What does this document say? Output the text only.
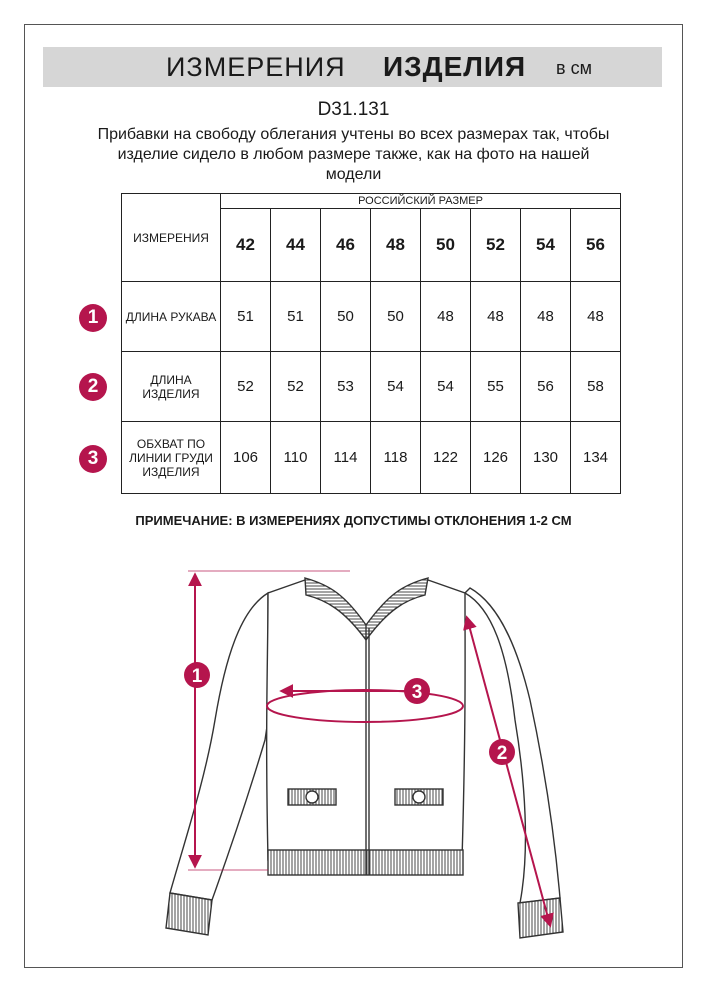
ИЗМЕРЕНИЯ ИЗДЕЛИЯ в см
D31.131
Прибавки на свободу облегания учтены во всех размерах так, чтобы изделие сидело в любом размере также, как на фото на нашей модели
ИЗМЕРЕНИЯ	РОССИЙСКИЙ РАЗМЕР							
	42	44	46	48	50	52	54	56
ДЛИНА РУКАВА	51	51	50	50	48	48	48	48
ДЛИНА ИЗДЕЛИЯ	52	52	53	54	54	55	56	58
ОБХВАТ ПО ЛИНИИ ГРУДИ ИЗДЕЛИЯ	106	110	114	118	122	126	130	134
1
2
3
ПРИМЕЧАНИЕ: В ИЗМЕРЕНИЯХ ДОПУСТИМЫ ОТКЛОНЕНИЯ 1-2 СМ
1
2
3
